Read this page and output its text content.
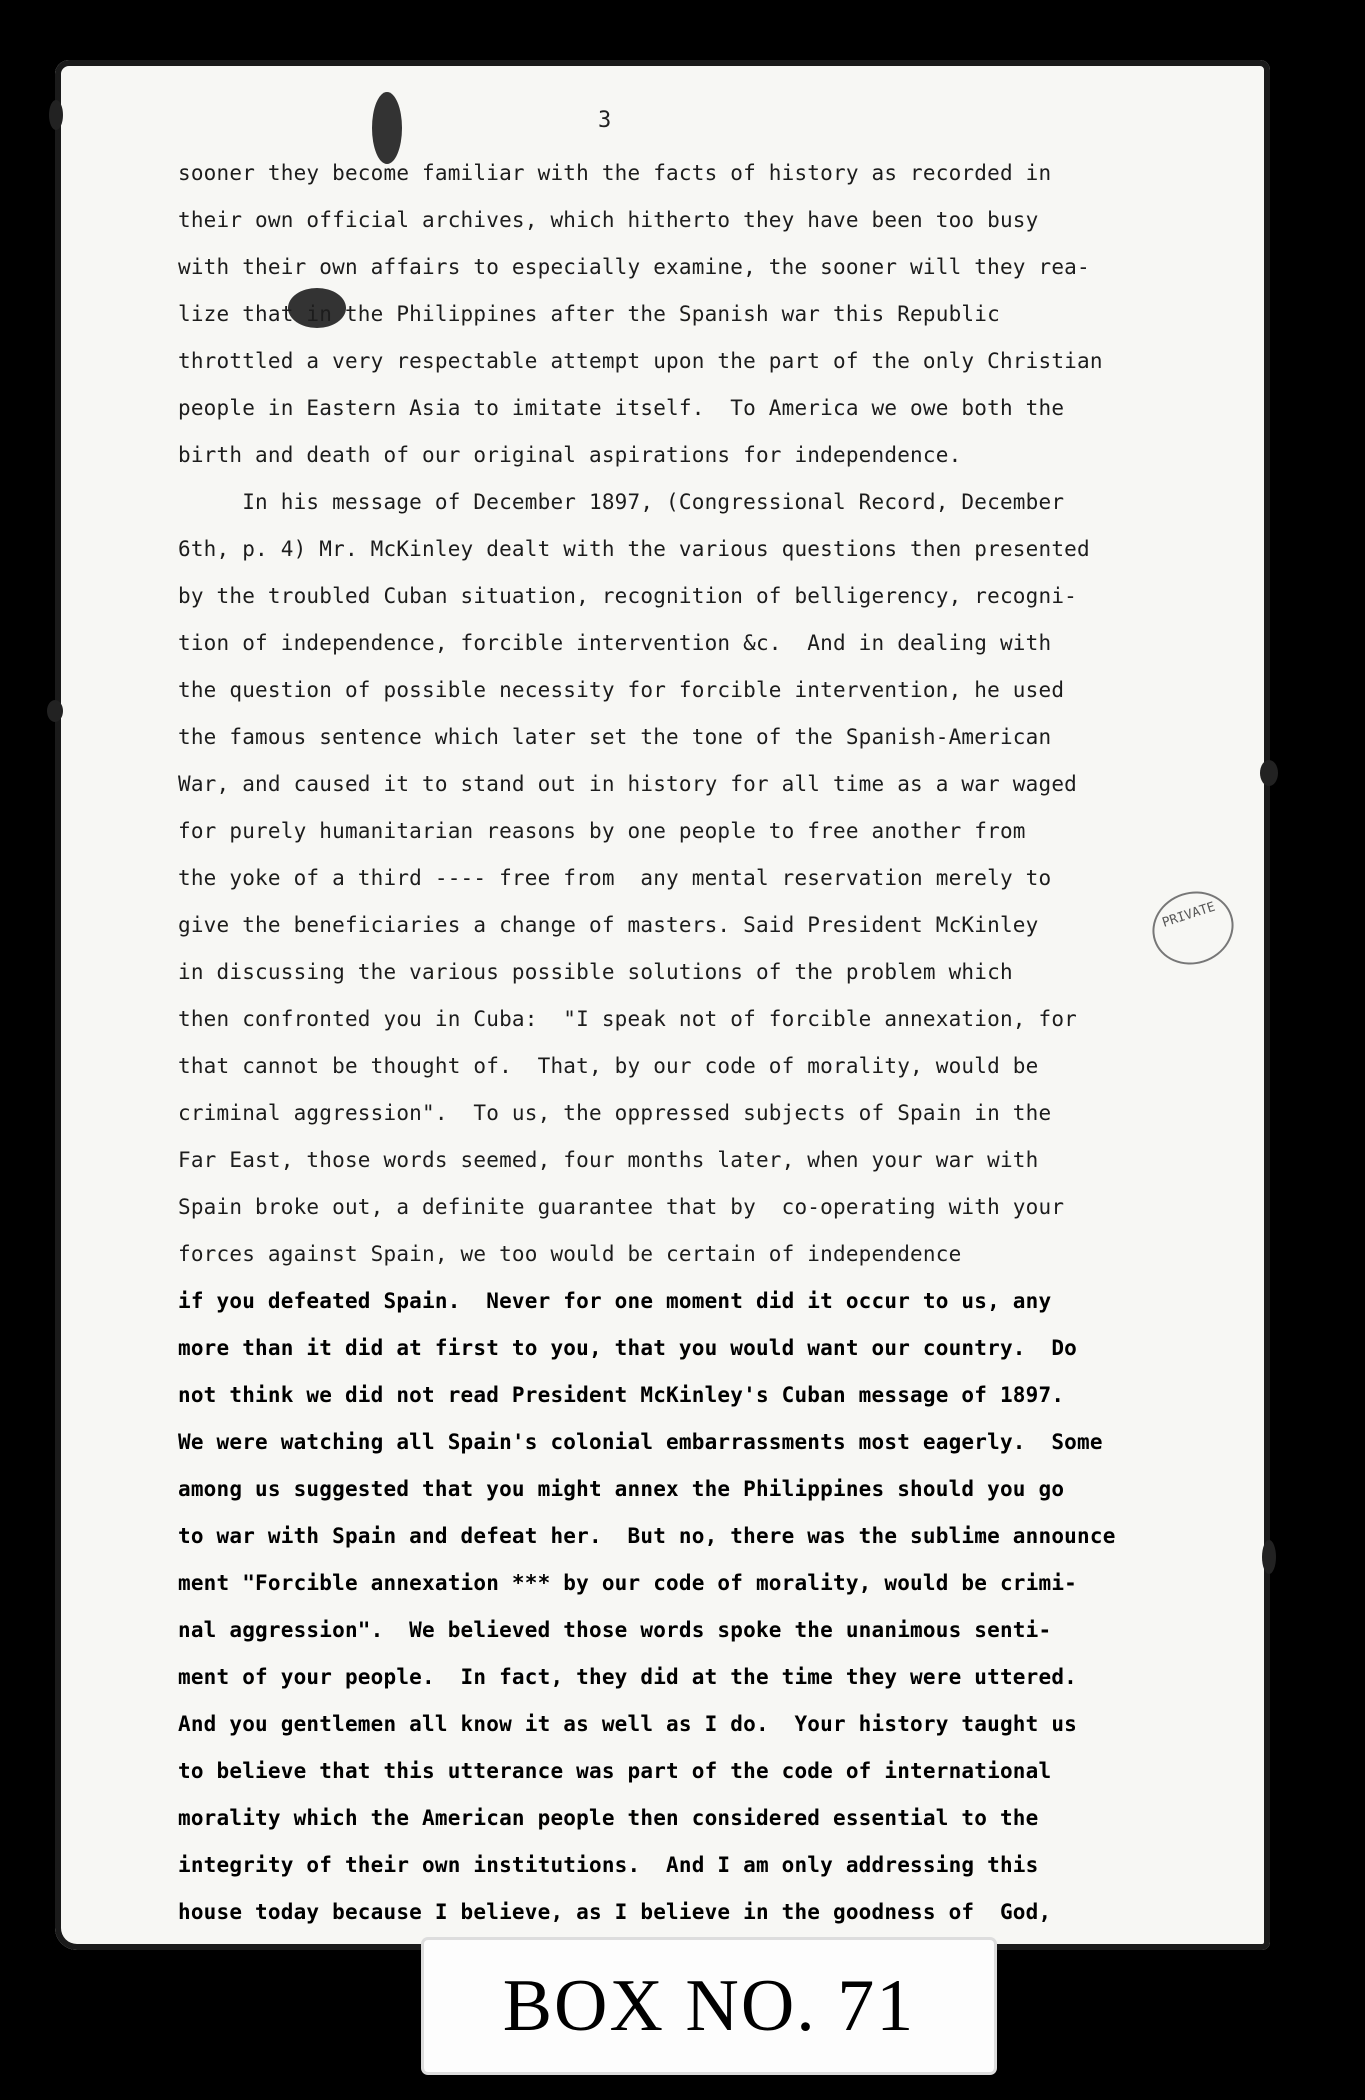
3

sooner they become familiar with the facts of history as recorded in
their own official archives, which hitherto they have been too busy
with their own affairs to especially examine, the sooner will they rea-
lize that in the Philippines after the Spanish war this Republic
throttled a very respectable attempt upon the part of the only Christian
people in Eastern Asia to imitate itself.  To America we owe both the
birth and death of our original aspirations for independence.
In his message of December 1897, (Congressional Record, December
6th, p. 4) Mr. McKinley dealt with the various questions then presented
by the troubled Cuban situation, recognition of belligerency, recogni-
tion of independence, forcible intervention &c.  And in dealing with
the question of possible necessity for forcible intervention, he used
the famous sentence which later set the tone of the Spanish-American
War, and caused it to stand out in history for all time as a war waged
for purely humanitarian reasons by one people to free another from
the yoke of a third ---- free from  any mental reservation merely to
give the beneficiaries a change of masters. Said President McKinley
in discussing the various possible solutions of the problem which
then confronted you in Cuba:  "I speak not of forcible annexation, for
that cannot be thought of.  That, by our code of morality, would be
criminal aggression".  To us, the oppressed subjects of Spain in the
Far East, those words seemed, four months later, when your war with
Spain broke out, a definite guarantee that by  co-operating with your
forces against Spain, we too would be certain of independence
if you defeated Spain.  Never for one moment did it occur to us, any
more than it did at first to you, that you would want our country.  Do
not think we did not read President McKinley's Cuban message of 1897.
We were watching all Spain's colonial embarrassments most eagerly.  Some
among us suggested that you might annex the Philippines should you go
to war with Spain and defeat her.  But no, there was the sublime announce
ment "Forcible annexation *** by our code of morality, would be crimi-
nal aggression".  We believed those words spoke the unanimous senti-
ment of your people.  In fact, they did at the time they were uttered.
And you gentlemen all know it as well as I do.  Your history taught us
to believe that this utterance was part of the code of international
morality which the American people then considered essential to the
integrity of their own institutions.  And I am only addressing this
house today because I believe, as I believe in the goodness of  God,
PRIVATE
BOX NO. 71
